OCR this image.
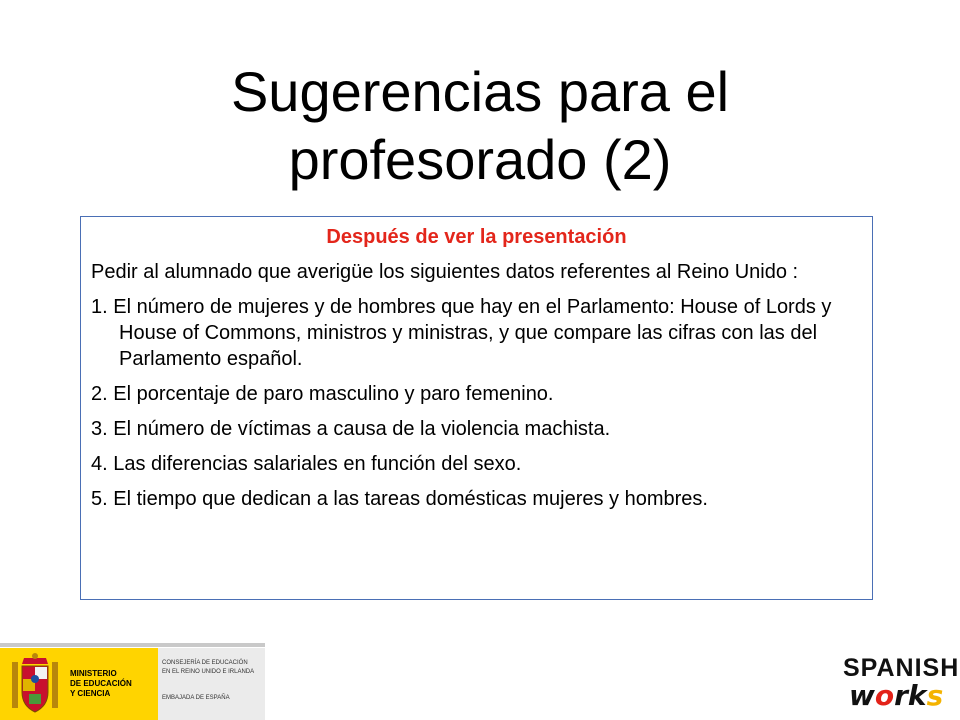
Sugerencias para el
profesorado (2)
Después de ver la presentación

Pedir al alumnado que averigüe los siguientes datos referentes al Reino Unido :

1. El número de mujeres y de hombres que hay en el Parlamento: House of Lords y House of Commons, ministros y ministras, y que compare las cifras con las del Parlamento español.

2. El porcentaje de paro masculino y paro femenino.

3. El número de víctimas a causa de la violencia machista.

4. Las diferencias salariales en función del sexo.

5. El tiempo que dedican a las tareas domésticas mujeres y hombres.

MINISTERIO
DE EDUCACIÓN
Y CIENCIA
CONSEJERÍA DE EDUCACIÓN
EN EL REINO UNIDO E IRLANDA
EMBAJADA DE ESPAÑA
SPANISH
works
